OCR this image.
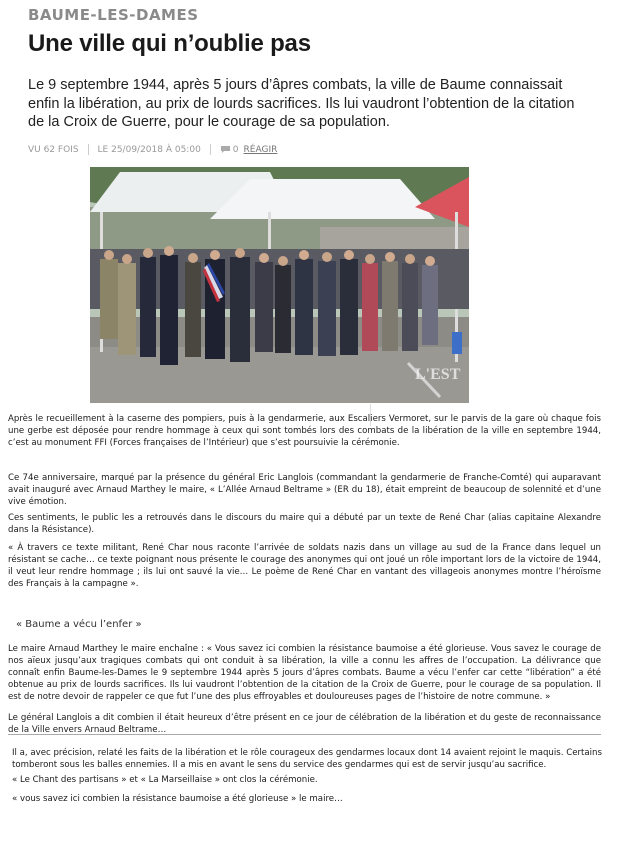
BAUME-LES-DAMES
Une ville qui n’oublie pas
Le 9 septembre 1944, après 5 jours d’âpres combats, la ville de Baume connaissait enfin la libération, au prix de lourds sacrifices. Ils lui vaudront l’obtention de la citation de la Croix de Guerre, pour le courage de sa population.
VU 62 FOIS LE 25/09/2018 À 05:00	0 RÉAGIR
L'EST

Après le recueillement à la caserne des pompiers, puis à la gendarmerie, aux Escaliers Vermoret, sur le parvis de la gare où chaque fois une gerbe est déposée pour rendre hommage à ceux qui sont tombés lors des combats de la libération de la ville en septembre 1944, c’est au monument FFI (Forces françaises de l’Intérieur) que s’est poursuivie la cérémonie.

Ce 74e anniversaire, marqué par la présence du général Eric Langlois (commandant la gendarmerie de Franche-Comté) qui auparavant avait inauguré avec Arnaud Marthey le maire, « L’Allée Arnaud Beltrame » (ER du 18), était empreint de beaucoup de solennité et d’une vive émotion.

Ces sentiments, le public les a retrouvés dans le discours du maire qui a débuté par un texte de René Char (alias capitaine Alexandre dans la Résistance).

« À travers ce texte militant, René Char nous raconte l’arrivée de soldats nazis dans un village au sud de la France dans lequel un résistant se cache… ce texte poignant nous présente le courage des anonymes qui ont joué un rôle important lors de la victoire de 1944, il veut leur rendre hommage ; ils lui ont sauvé la vie… Le poème de René Char en vantant des villageois anonymes montre l’héroïsme des Français à la campagne ».

« Baume a vécu l’enfer »

Le maire Arnaud Marthey le maire enchaîne : « Vous savez ici combien la résistance baumoise a été glorieuse. Vous savez le courage de nos aïeux jusqu’aux tragiques combats qui ont conduit à sa libération, la ville a connu les affres de l’occupation. La délivrance que connaît enfin Baume-les-Dames le 9 septembre 1944 après 5 jours d’âpres combats. Baume a vécu l’enfer car cette “libération” a été obtenue au prix de lourds sacrifices. Ils lui vaudront l’obtention de la citation de la Croix de Guerre, pour le courage de sa population. Il est de notre devoir de rappeler ce que fut l’une des plus effroyables et douloureuses pages de l’histoire de notre commune. »

Le général Langlois a dit combien il était heureux d’être présent en ce jour de célébration de la libération et du geste de reconnaissance de la Ville envers Arnaud Beltrame…

Il a, avec précision, relaté les faits de la libération et le rôle courageux des gendarmes locaux dont 14 avaient rejoint le maquis. Certains tomberont sous les balles ennemies. Il a mis en avant le sens du service des gendarmes qui est de servir jusqu’au sacrifice.

« Le Chant des partisans » et « La Marseillaise » ont clos la cérémonie.

« vous savez ici combien la résistance baumoise a été glorieuse » le maire…
